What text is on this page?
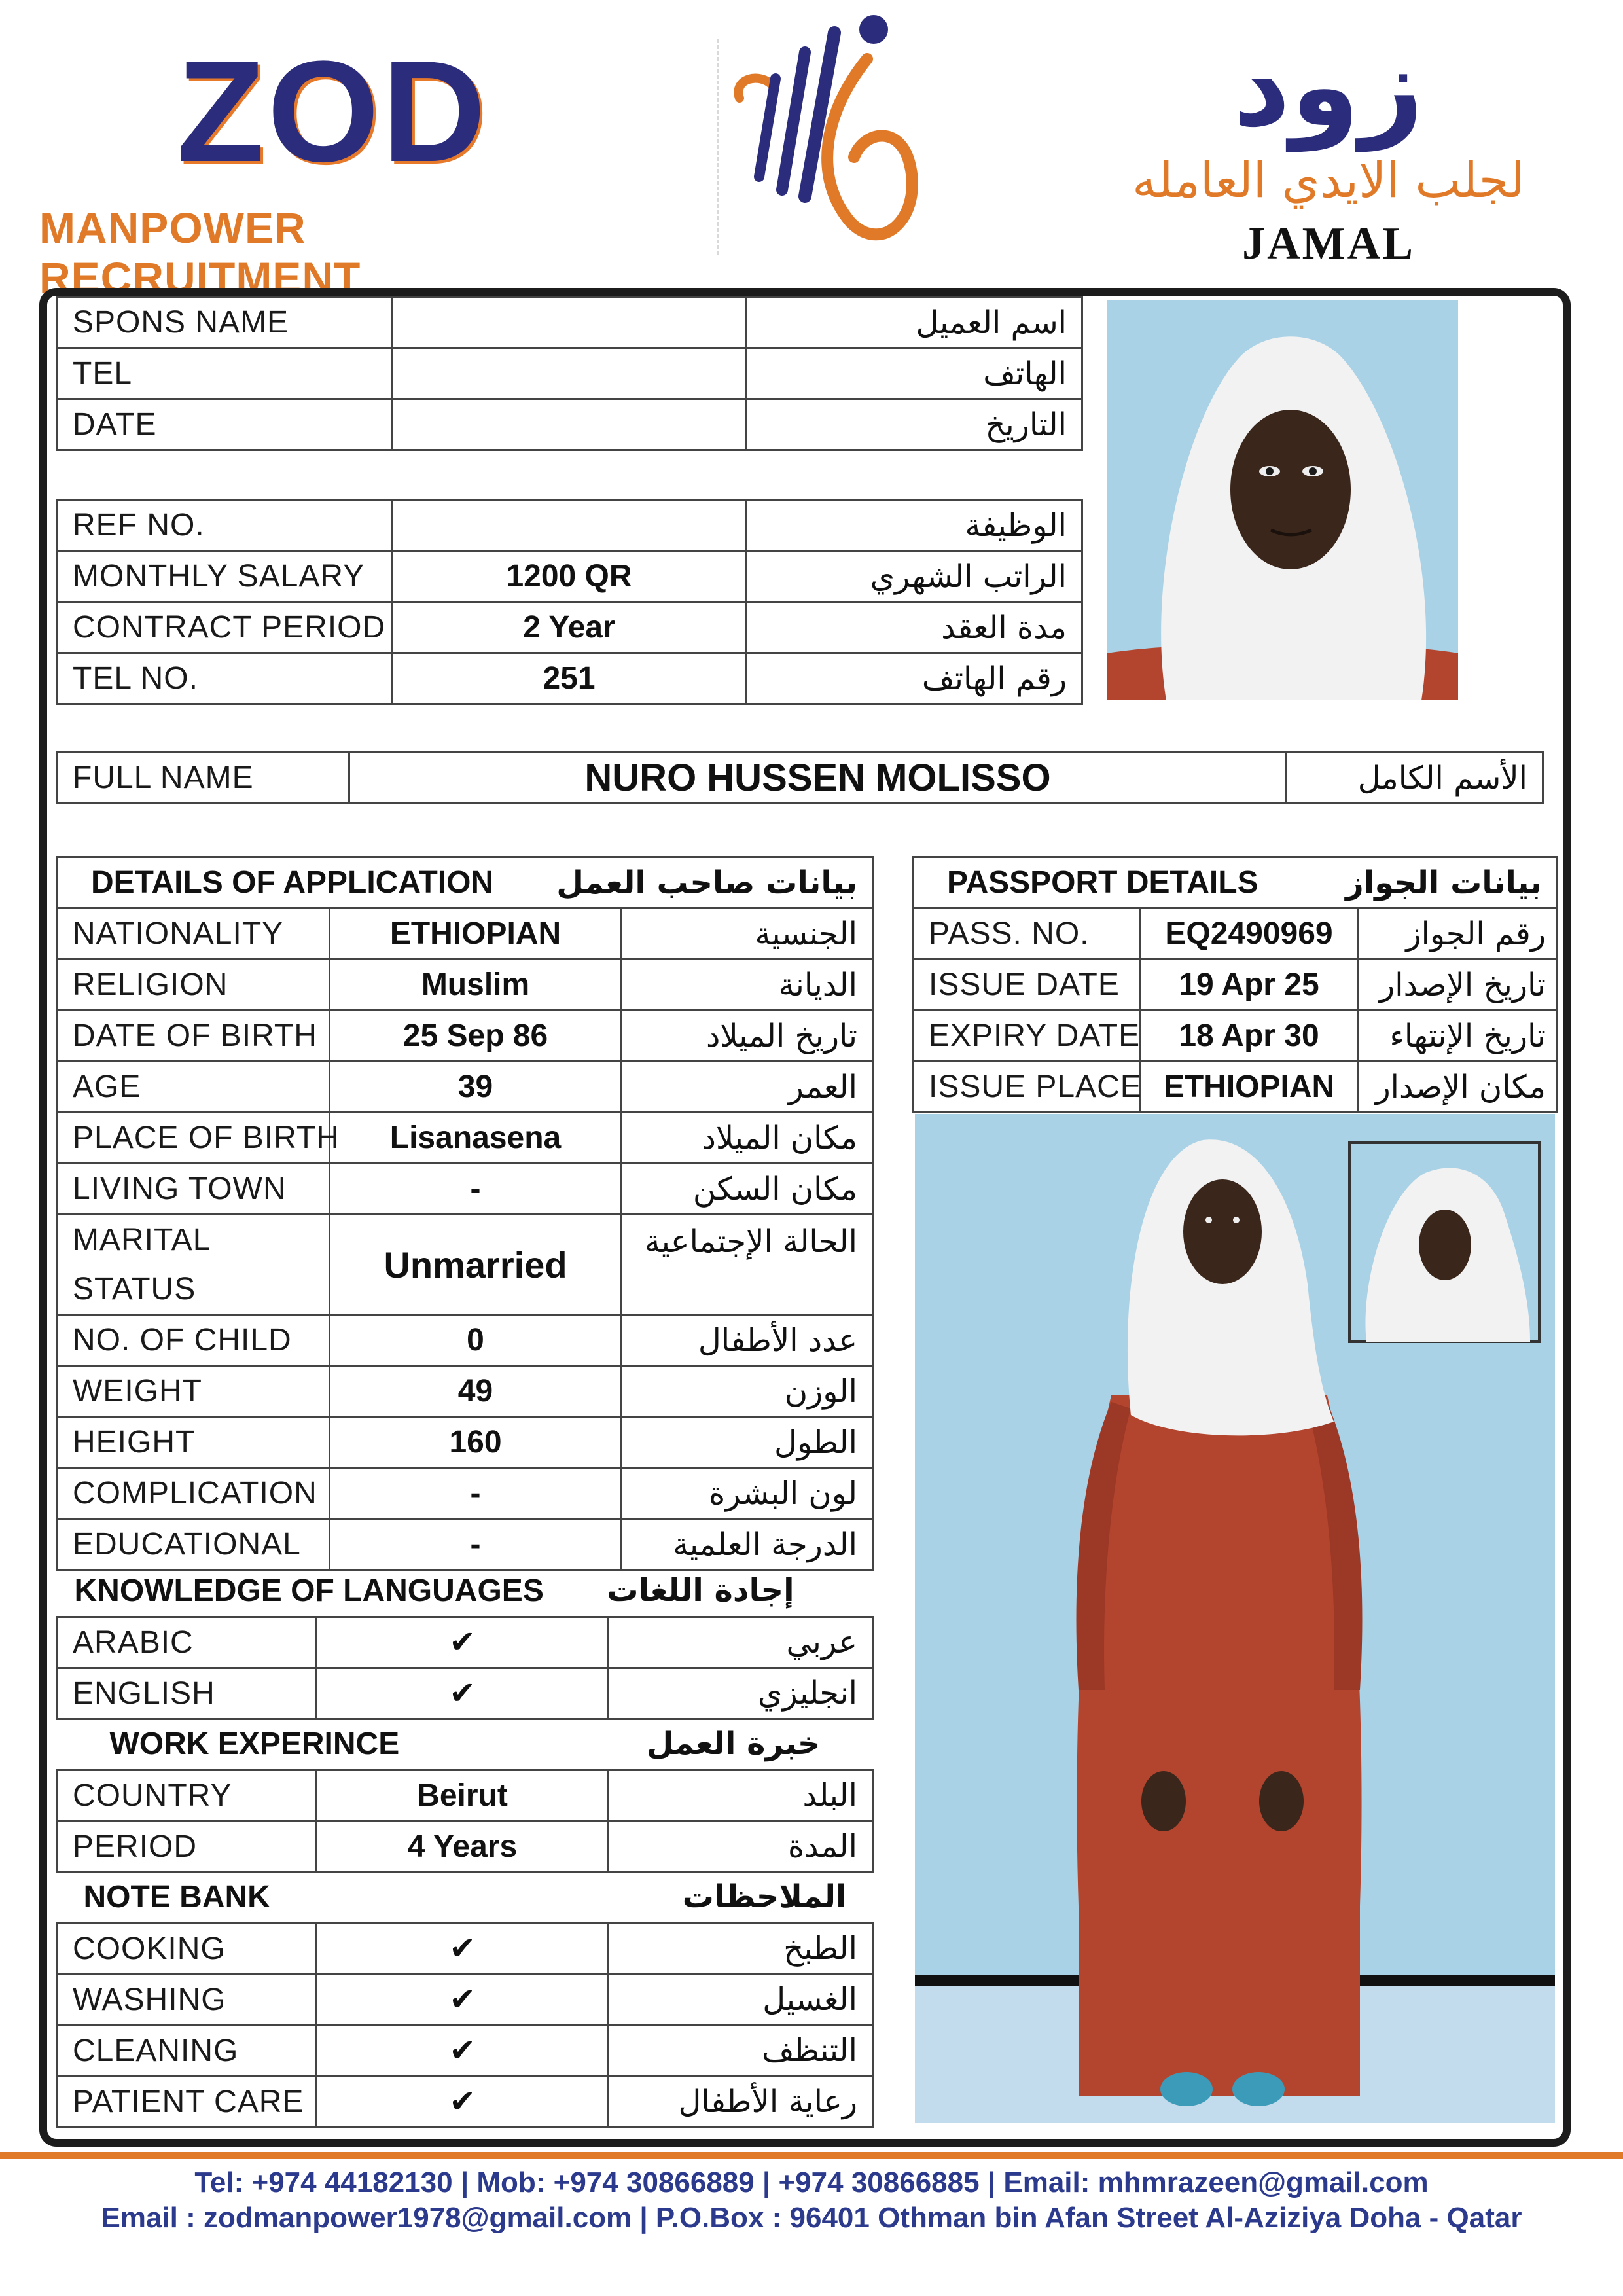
ZOD
MANPOWER RECRUITMENT
زود
لجلب الايدي العامله
JAMAL
SPONS NAME		اسم العميل
TEL		الهاتف
DATE		التاريخ
REF NO.		الوظيفة
MONTHLY SALARY	1200 QR	الراتب الشهري
CONTRACT PERIOD	2 Year	مدة العقد
TEL NO.	251	رقم الهاتف
FULL NAME	NURO HUSSEN MOLISSO	الأسم الكامل
DETAILS OF APPLICATION		بيانات صاحب العمل
NATIONALITY	ETHIOPIAN	الجنسية
RELIGION	Muslim	الديانة
DATE OF BIRTH	25 Sep 86	تاريخ الميلاد
AGE	39	العمر
PLACE OF BIRTH	Lisanasena	مكان الميلاد
LIVING TOWN	-	مكان السكن

MARITAL
STATUS	Unmarried	الحالة الإجتماعية
NO. OF CHILD	0	عدد الأطفال
WEIGHT	49	الوزن
HEIGHT	160	الطول
COMPLICATION	-	لون البشرة
EDUCATIONAL	-	الدرجة العلمية
KNOWLEDGE OF LANGUAGES		إجادة اللغات
ARABIC	✔	عربي
ENGLISH	✔	انجليزي
WORK EXPERINCE		خبرة العمل
COUNTRY	Beirut	البلد
PERIOD	4 Years	المدة
NOTE BANK		الملاحظات
COOKING	✔	الطبخ
WASHING	✔	الغسيل
CLEANING	✔	التنظف
PATIENT CARE	✔	رعاية الأطفال
PASSPORT DETAILS		بيانات الجواز
PASS. NO.	EQ2490969	رقم الجواز
ISSUE DATE	19 Apr 25	تاريخ الإصدار
EXPIRY DATE	18 Apr 30	تاريخ الإنتهاء
ISSUE PLACE	ETHIOPIAN	مكان الإصدار
Tel: +974 44182130 | Mob: +974 30866889 | +974 30866885 | Email: mhmrazeen@gmail.com
Email : zodmanpower1978@gmail.com | P.O.Box : 96401 Othman bin Afan Street Al-Aziziya Doha - Qatar
